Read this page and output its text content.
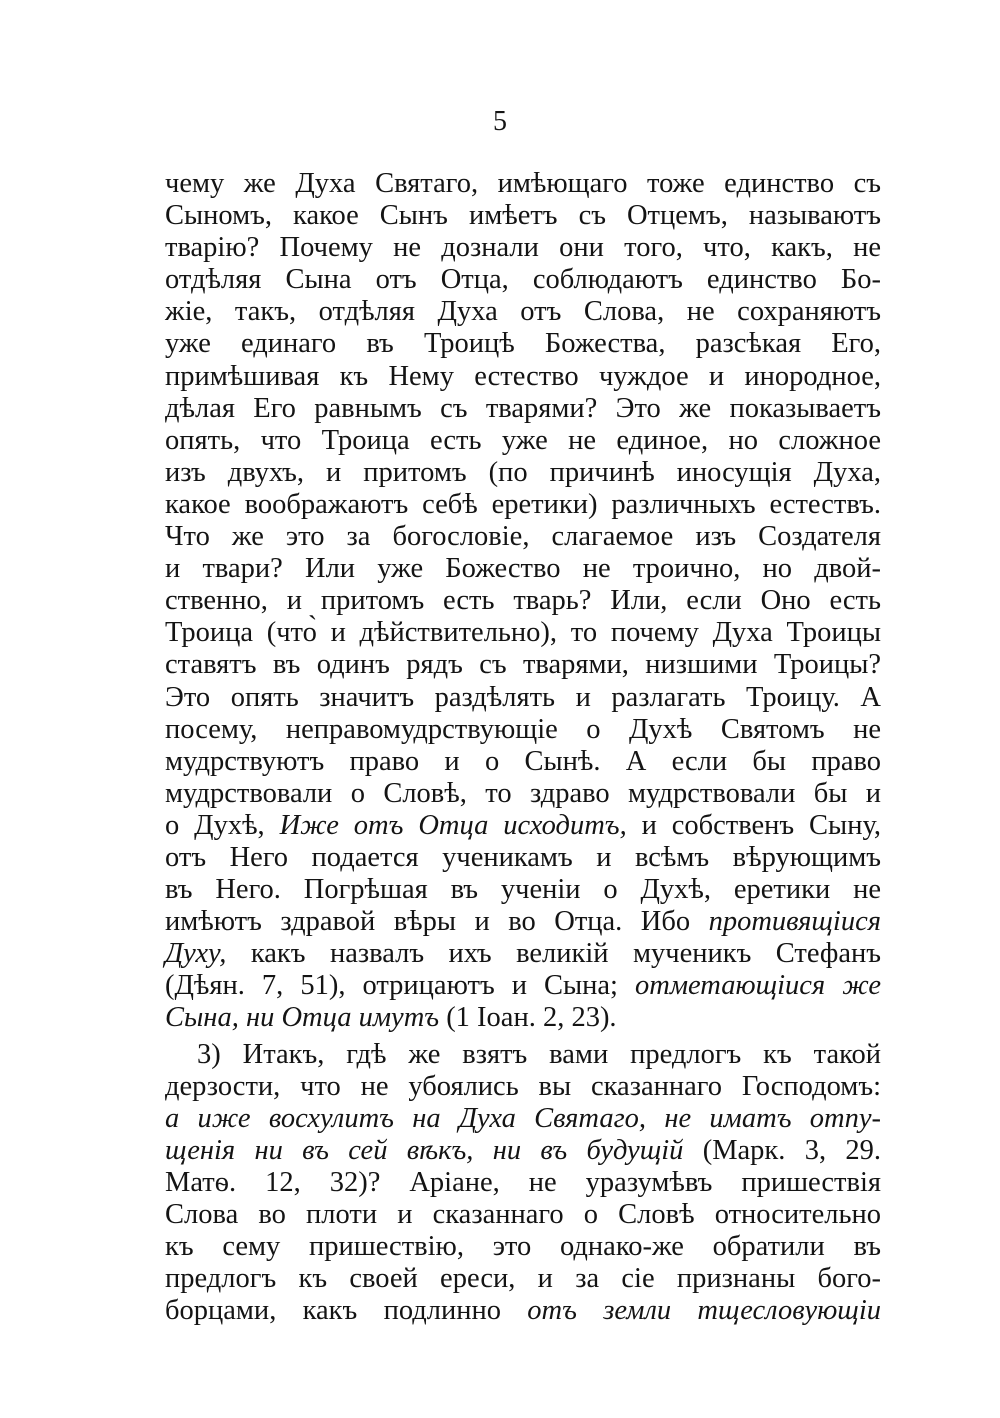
5
чему же Духа Святаго, имѣющаго тоже единство съ
Сыномъ, какое Сынъ имѣетъ съ Отцемъ, называютъ
тварію? Почему не дознали они того, что, какъ, не
отдѣляя Сына отъ Отца, соблюдаютъ единство Бо-
жіе, такъ, отдѣляя Духа отъ Слова, не сохраняютъ
уже единаго въ Троицѣ Божества, разсѣкая Его,
примѣшивая къ Нему естество чуждое и инородное,
дѣлая Его равнымъ съ тварями? Это же показываетъ
опять, что Троица есть уже не единое, но сложное
изъ двухъ, и притомъ (по причинѣ иносущія Духа,
какое воображаютъ себѣ еретики) различныхъ естествъ.
Что же это за богословіе, слагаемое изъ Создателя
и твари? Или уже Божество не троично, но двой-
ственно, и притомъ есть тварь? Или, если Оно есть
Троица (что̀ и дѣйствительно), то почему Духа Троицы
ставятъ въ одинъ рядъ съ тварями, низшими Троицы?
Это опять значитъ раздѣлять и разлагать Троицу. А
посему, неправомудрствующіе о Духѣ Святомъ не
мудрствуютъ право и о Сынѣ. А если бы право
мудрствовали о Словѣ, то здраво мудрствовали бы и
о Духѣ, Иже отъ Отца исходитъ, и собственъ Сыну,
отъ Него подается ученикамъ и всѣмъ вѣрующимъ
въ Него. Погрѣшая въ ученіи о Духѣ, еретики не
имѣютъ здравой вѣры и во Отца. Ибо противящіися
Духу, какъ назвалъ ихъ великій мученикъ Стефанъ
(Дѣян. 7, 51), отрицаютъ и Сына; отметающіися же
Сына, ни Отца имутъ (1 Іоан. 2, 23).
3) Итакъ, гдѣ же взятъ вами предлогъ къ такой
дерзости, что не убоялись вы сказаннаго Господомъ:
а иже восхулитъ на Духа Святаго, не иматъ отпу-
щенія ни въ сей вѣкъ, ни въ будущій (Марк. 3, 29.
Матѳ. 12, 32)? Аріане, не уразумѣвъ пришествія
Слова во плоти и сказаннаго о Словѣ относительно
къ сему пришествію, это однако-же обратили въ
предлогъ къ своей ереси, и за сіе признаны бого-
борцами, какъ подлинно отъ земли тщесловующіи
